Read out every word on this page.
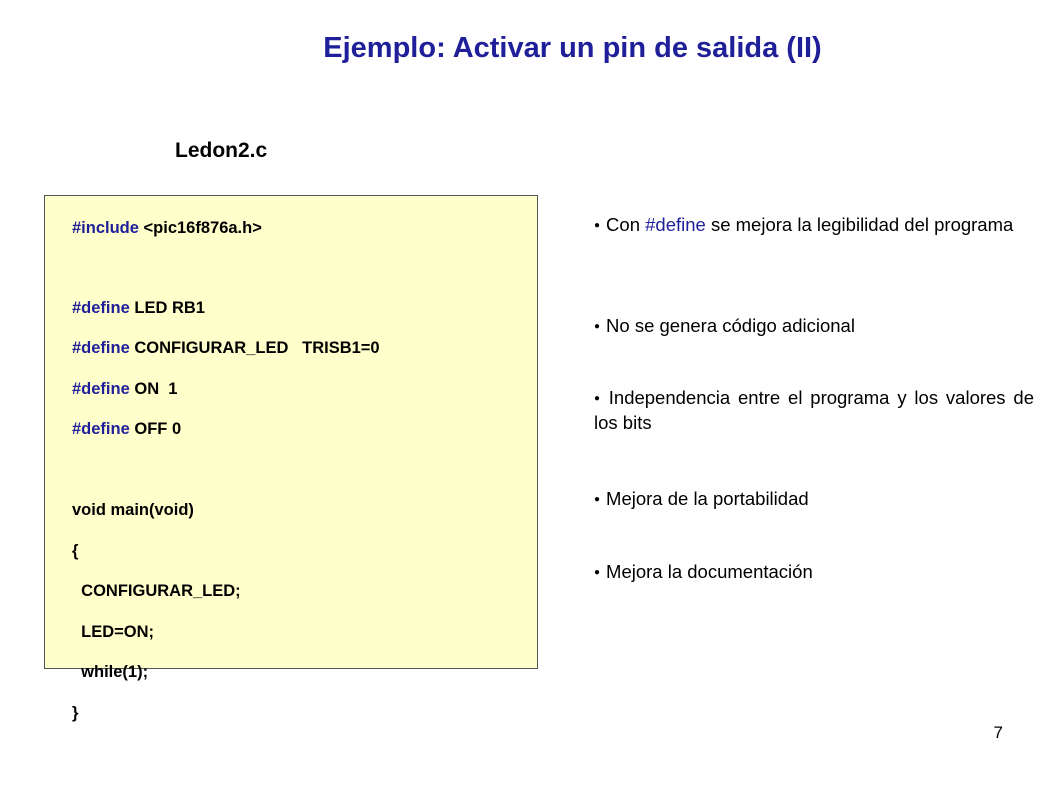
Ejemplo: Activar un pin de salida (II)
Ledon2.c
#include <pic16f876a.h>
#define LED RB1
#define CONFIGURAR_LED   TRISB1=0
#define ON  1
#define OFF 0
void main(void)
{
CONFIGURAR_LED;
LED=ON;
while(1);
}
● Con #define se mejora la legibilidad del programa
● No se genera código adicional
● Independencia entre el programa y los valores de los bits
● Mejora de la portabilidad
● Mejora la documentación
7
